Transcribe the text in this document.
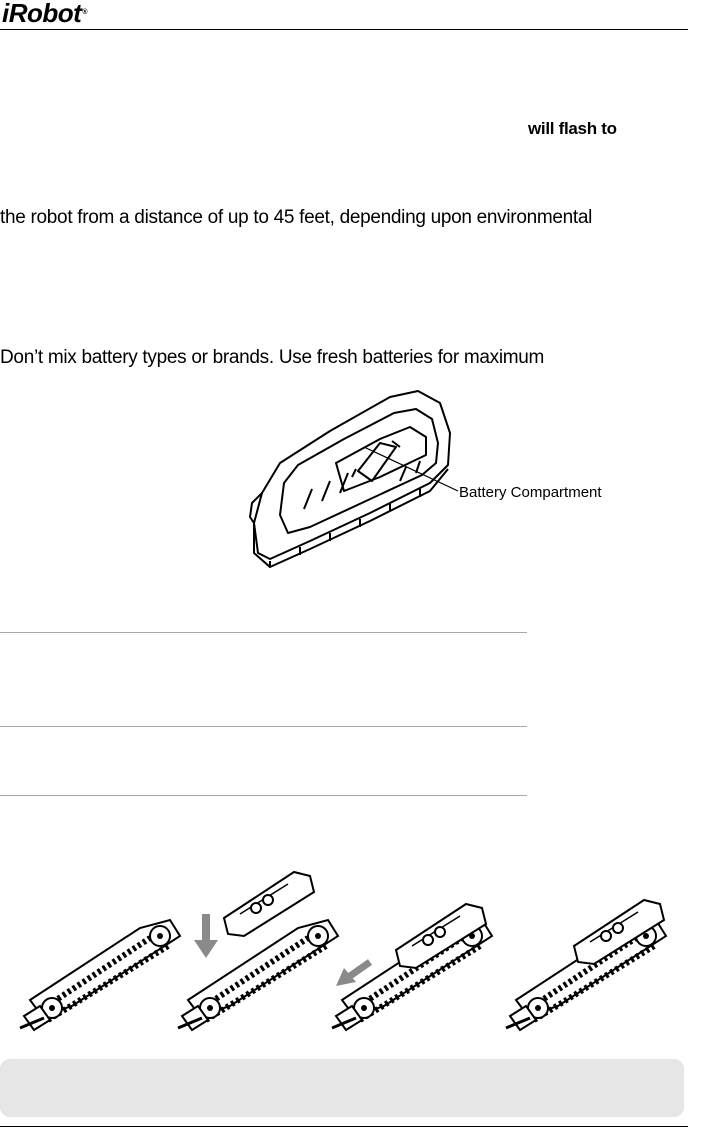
iRobot®
will flash to
the robot from a distance of up to 45 feet, depending upon environmental
Don’t mix battery types or brands. Use fresh batteries for maximum
Battery Compartment
